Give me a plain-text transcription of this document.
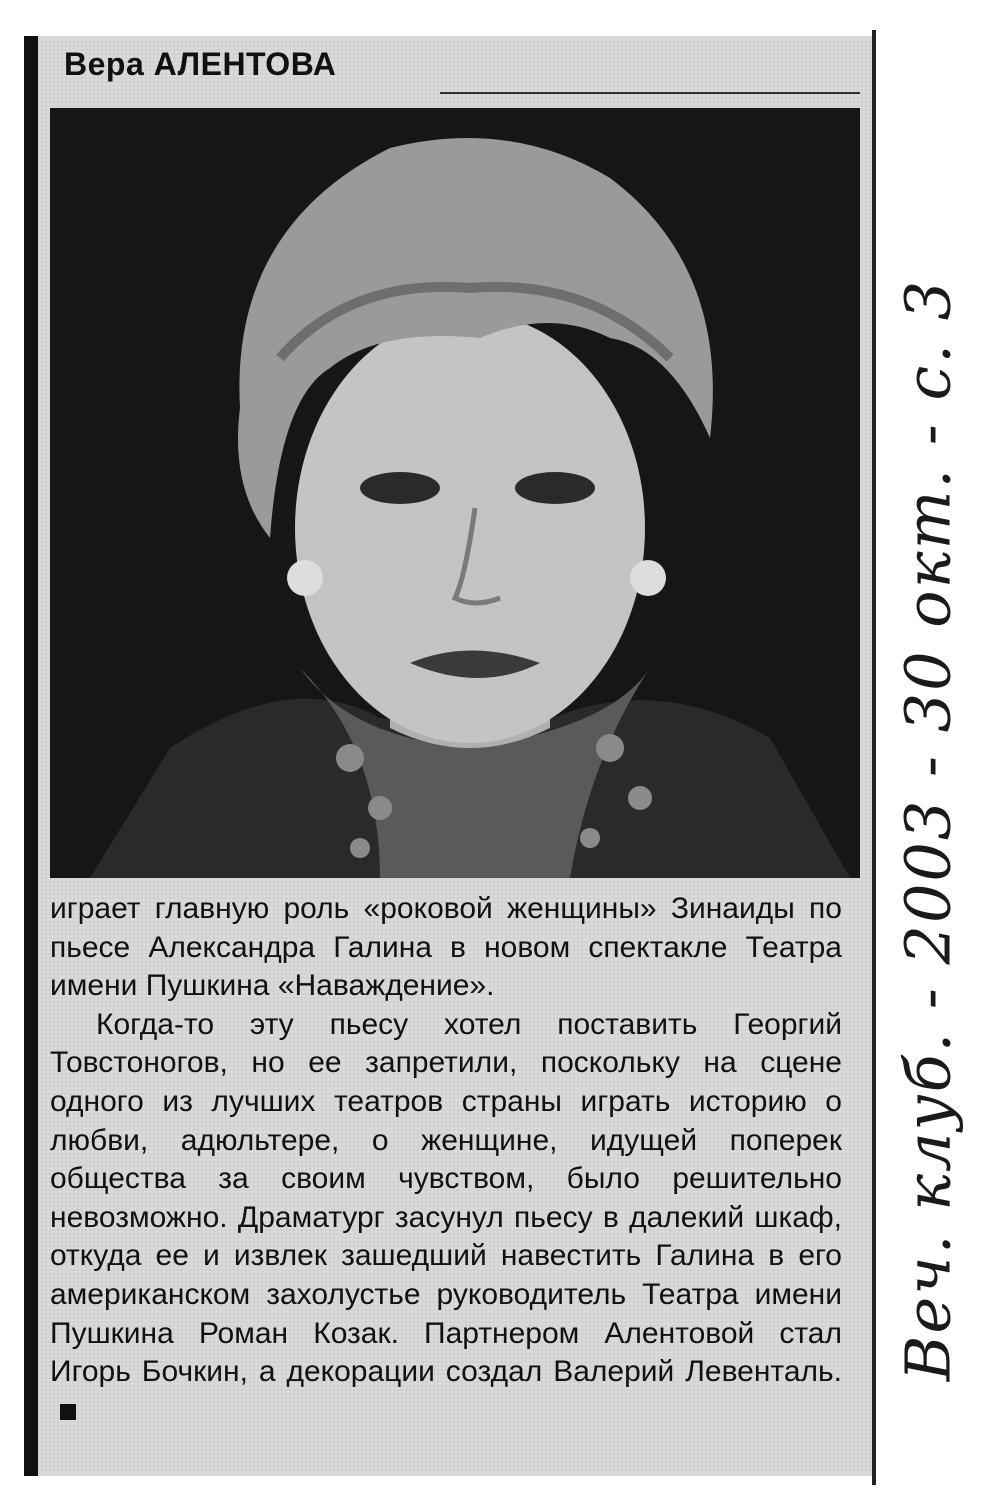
Вера АЛЕНТОВА

играет главную роль «роковой женщины» Зинаиды по пьесе Александра Галина в новом спектакле Театра имени Пушкина «Наваждение».

Когда-то эту пьесу хотел поставить Георгий Товстоногов, но ее запретили, поскольку на сцене одного из лучших театров страны играть историю о любви, адюльтере, о женщине, идущей поперек общества за своим чувством, было решительно невозможно. Драматург засунул пьесу в далекий шкаф, откуда ее и извлек зашедший навестить Галина в его американском захолустье руководитель Театра имени Пушкина Роман Козак. Партнером Алентовой стал Игорь Бочкин, а декорации создал Валерий Левенталь. Веч. клуб. - 2003 - 30 окт. - с. 3
